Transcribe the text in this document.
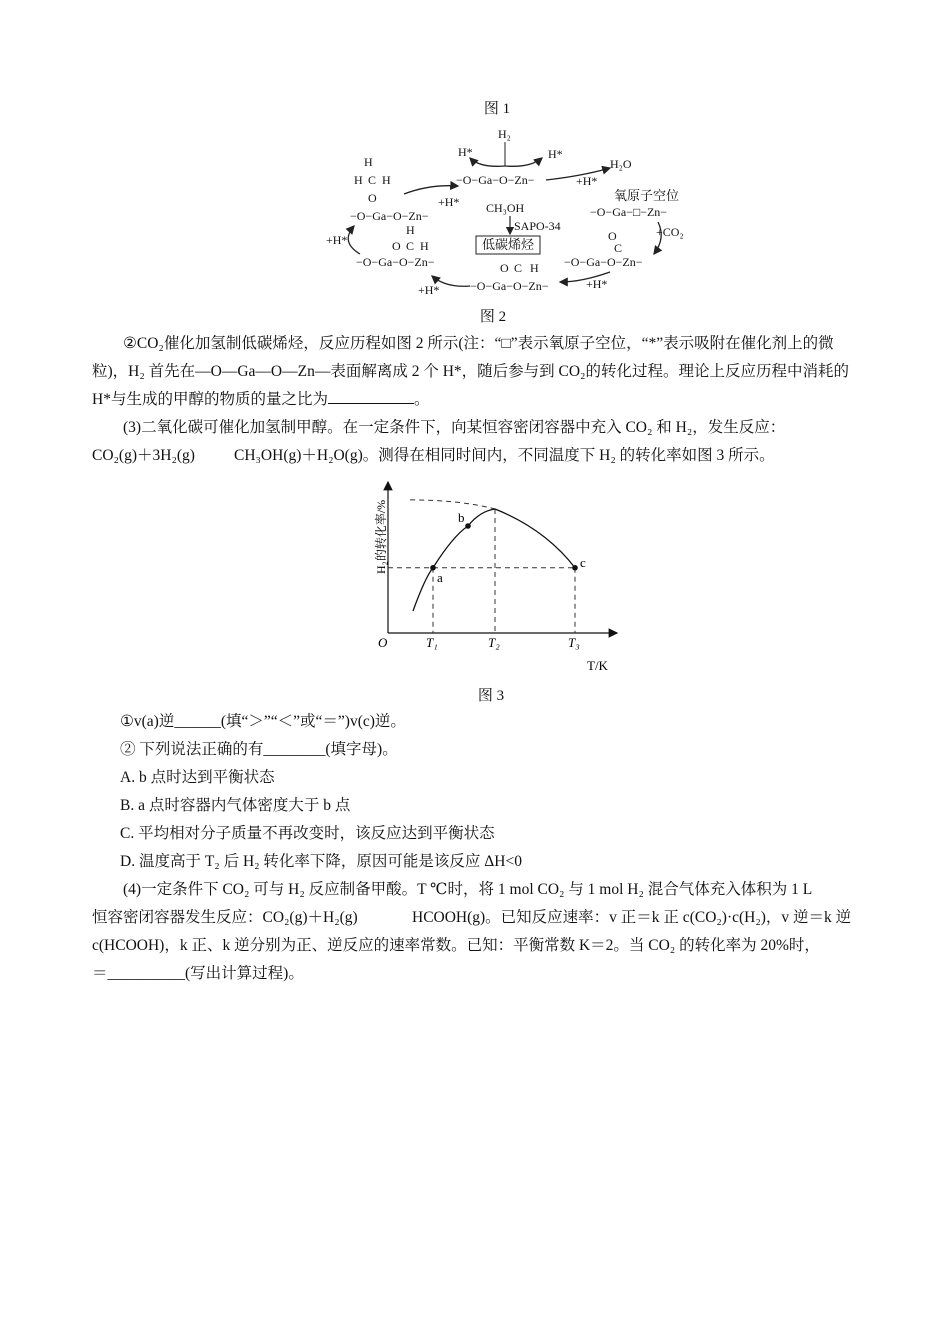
图 1
H₂
H*	H*
−O−Ga−O−Zn−
H
H C H
O
−O−Ga−O−Zn−
+H* CH₃OH
SAPO-34
低碳烯烃
H₂O
+H*
氧原子空位
−O−Ga−□−Zn−
+CO₂
O
C
−O−Ga−O−Zn−
+H*
O C H
−O−Ga−O−Zn−
+H*
H
O C H
−O−Ga−O−Zn−
+H*
图 2
②CO₂催化加氢制低碳烯烃，反应历程如图 2 所示(注：“□”表示氧原子空位，“*”表示吸附在催化剂上的微粒)，H₂ 首先在—O—Ga—O—Zn—表面解离成 2 个 H*，随后参与到 CO₂的转化过程。理论上反应历程中消耗的 H*与生成的甲醇的物质的量之比为	。
(3)二氧化碳可催化加氢制甲醇。在一定条件下，向某恒容密闭容器中充入 CO₂ 和 H₂，发生反应：
CO₂(g)＋3H₂(g)	CH₃OH(g)＋H₂O(g)。测得在相同时间内，不同温度下 H₂ 的转化率如图 3 所示。
a
b
c
T₁	T₂	T₃
O
T/K
H₂的转化率/%
图 3
①v(a)逆______(填“＞”“＜”或“＝”)v(c)逆。
② 下列说法正确的有________(填字母)。
A. b 点时达到平衡状态
B. a 点时容器内气体密度大于 b 点
C. 平均相对分子质量不再改变时，该反应达到平衡状态
D. 温度高于 T₂ 后 H₂ 转化率下降，原因可能是该反应 ΔH<0
(4)一定条件下 CO₂ 可与 H₂ 反应制备甲酸。T ℃时，将 1 mol CO₂ 与 1 mol H₂ 混合气体充入体积为 1 L
恒容密闭容器发生反应：CO₂(g)＋H₂(g)	HCOOH(g)。已知反应速率：v 正＝k 正 c(CO₂)·c(H₂)，v 逆＝k 逆
c(HCOOH)，k 正、k 逆分别为正、逆反应的速率常数。已知：平衡常数 K＝2。当 CO₂ 的转化率为 20%时，
＝__________(写出计算过程)。
